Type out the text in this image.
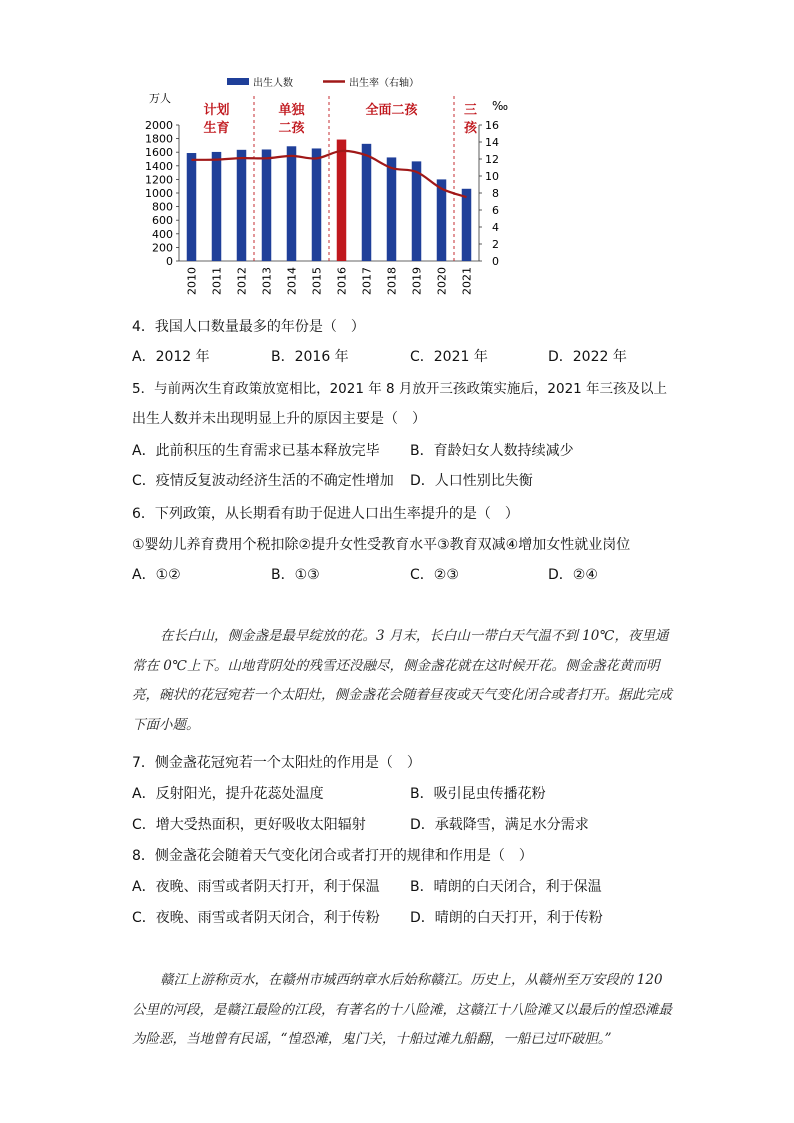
出生人数	出生率（右轴）
万人
‰
2000
1800
1600
1400
1200
1000
800
600
400
200
0
16
14
12
10
8
6
4
2
0
2010 2011 2012 2013 2014 2015 2016 2017 2018 2019 2020 2021
计划
生育
单独
二孩
全面二孩	三
孩
4．我国人口数量最多的年份是（　）
A．2012 年	B．2016 年	C．2021 年	D．2022 年
5．与前两次生育政策放宽相比，2021 年 8 月放开三孩政策实施后，2021 年三孩及以上
出生人数并未出现明显上升的原因主要是（　）
A．此前积压的生育需求已基本释放完毕 B．育龄妇女人数持续减少
C．疫情反复波动经济生活的不确定性增加 D．人口性别比失衡
6．下列政策，从长期看有助于促进人口出生率提升的是（　）
①婴幼儿养育费用个税扣除②提升女性受教育水平③教育双减④增加女性就业岗位
A．①②	B．①③	C．②③	D．②④
在长白山，侧金盏是最早绽放的花。3 月末，长白山一带白天气温不到 10℃，夜里通常在 0℃上下。山地背阴处的残雪还没融尽，侧金盏花就在这时候开花。侧金盏花黄而明亮，碗状的花冠宛若一个太阳灶，侧金盏花会随着昼夜或天气变化闭合或者打开。据此完成下面小题。
7．侧金盏花冠宛若一个太阳灶的作用是（　）
A．反射阳光，提升花蕊处温度	B．吸引昆虫传播花粉
C．增大受热面积，更好吸收太阳辐射	D．承载降雪，满足水分需求
8．侧金盏花会随着天气变化闭合或者打开的规律和作用是（　）
A．夜晚、雨雪或者阴天打开，利于保温 B．晴朗的白天闭合，利于保温
C．夜晚、雨雪或者阴天闭合，利于传粉 D．晴朗的白天打开，利于传粉
赣江上游称贡水，在赣州市城西纳章水后始称赣江。历史上，从赣州至万安段的 120 公里的河段，是赣江最险的江段，有著名的十八险滩，这赣江十八险滩又以最后的惶恐滩最为险恶，当地曾有民谣，“惶恐滩，鬼门关，十船过滩九船翻，一船已过吓破胆。”
